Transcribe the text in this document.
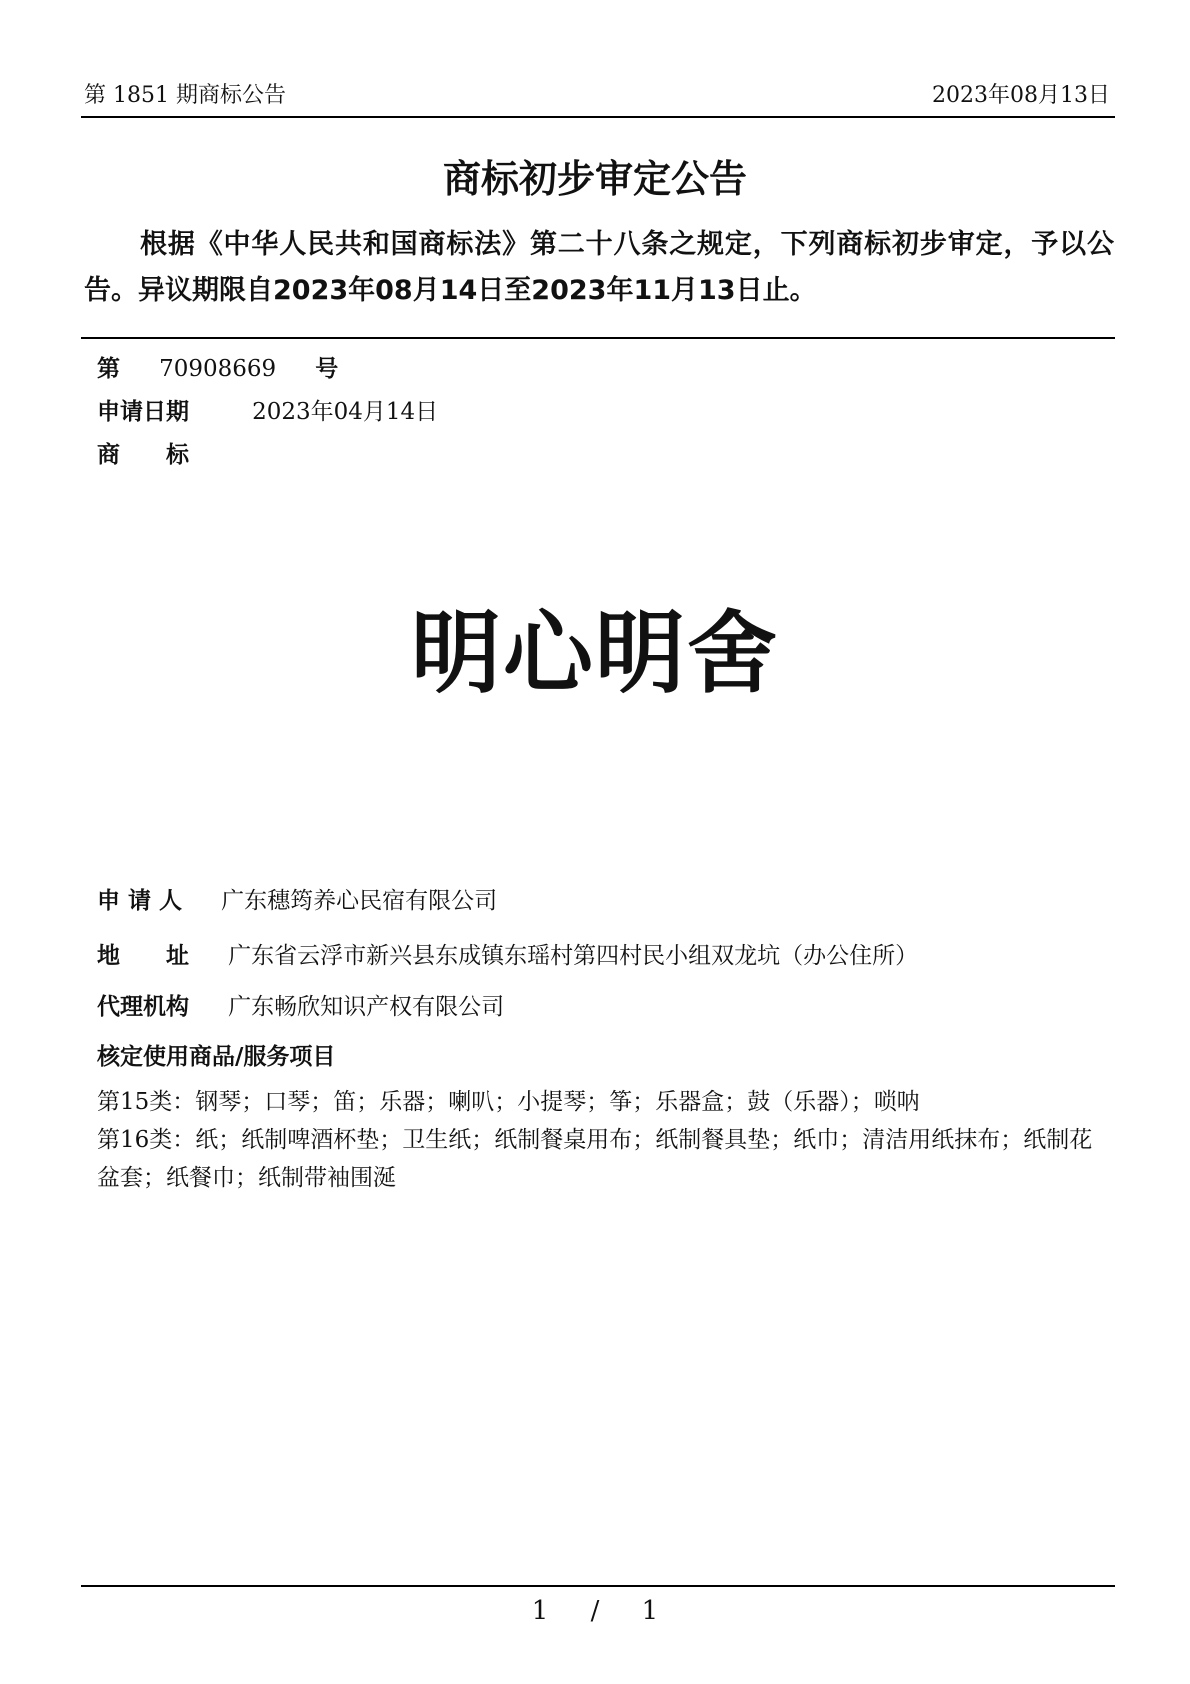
第 1851 期商标公告	2023年08月13日
商标初步审定公告
根据《中华人民共和国商标法》第二十八条之规定，下列商标初步审定，予以公告。异议期限自2023年08月14日至2023年11月13日止。
第 70908669 号
申请日期	2023年04月14日
商　　标
明心明舍
申 请 人 广东穗筠养心民宿有限公司
地　　址 广东省云浮市新兴县东成镇东瑶村第四村民小组双龙坑（办公住所）
代理机构 广东畅欣知识产权有限公司
核定使用商品/服务项目
第15类：钢琴；口琴；笛；乐器；喇叭；小提琴；筝；乐器盒；鼓（乐器）；唢呐
第16类：纸；纸制啤酒杯垫；卫生纸；纸制餐桌用布；纸制餐具垫；纸巾；清洁用纸抹布；纸制花盆套；纸餐巾；纸制带袖围涎
1 / 1
